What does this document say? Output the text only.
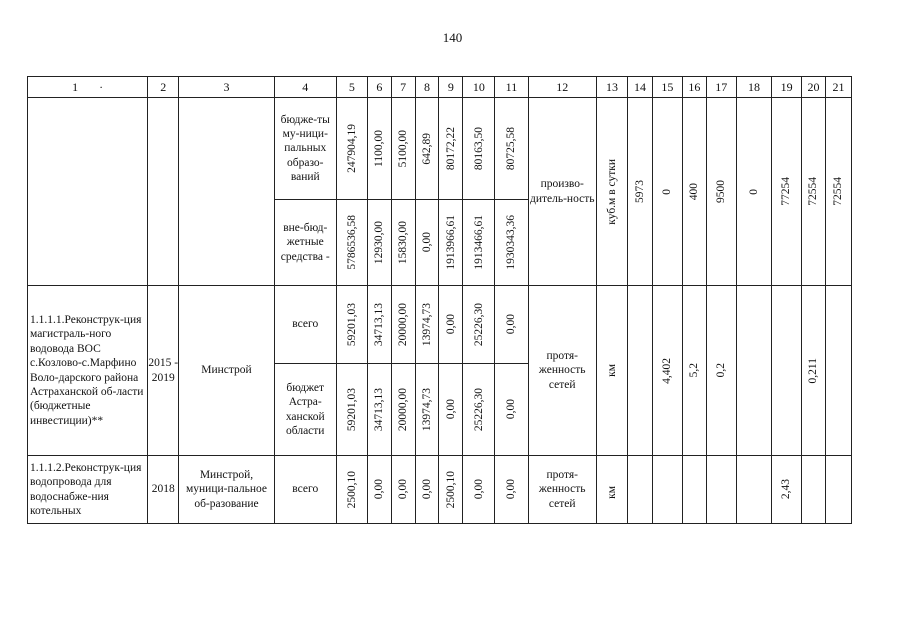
140
1 ·	2	3	4	5	6	7	8	9	10	11	12	13	14	15	16	17	18	19	20	21
			бюдже-ты му-ници-пальных образо-ваний	247904,19	1100,00	5100,00	642,89	80172,22	80163,50	80725,58	произво-дитель-ность	куб.м в сутки	5973	0	400	9500	0	77254	72554	72554

			вне-бюд-жетные средства -	5786536,58	12930,00	15830,00	0,00	1913966,61	1913466,61	1930343,36										

1.1.1.1.Реконструк-ция магистраль-ного водовода ВОС с.Козлово-с.Марфино Воло-дарского района Астраханской об-ласти (бюджетные инвестиции)**	2015 - 2019	Минстрой	всего	59201,03	34713,13	20000,00	13974,73	0,00	25226,30	0,00	протя-женность сетей	км		4,402	5,2	0,2			0,211	

			бюджет Астра-ханской области	59201,03	34713,13	20000,00	13974,73	0,00	25226,30	0,00										

1.1.1.2.Реконструк-ция водопровода для водоснабже-ния котельных	2018	Минстрой, муници-пальное об-разование	всего	2500,10	0,00	0,00	0,00	2500,10	0,00	0,00	протя-женность сетей	км						2,43		
